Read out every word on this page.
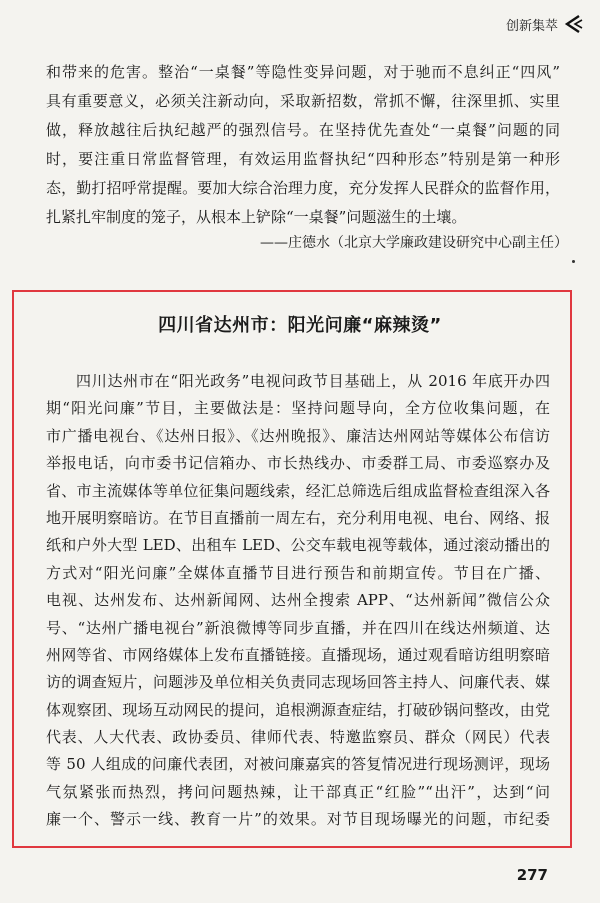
创新集萃
和带来的危害。整治“一桌餐”等隐性变异问题，对于驰而不息纠正“四风”
具有重要意义，必须关注新动向，采取新招数，常抓不懈，往深里抓、实里
做，释放越往后执纪越严的强烈信号。在坚持优先查处“一桌餐”问题的同
时，要注重日常监督管理，有效运用监督执纪“四种形态”特别是第一种形
态，勤打招呼常提醒。要加大综合治理力度，充分发挥人民群众的监督作用，
扎紧扎牢制度的笼子，从根本上铲除“一桌餐”问题滋生的土壤。
——庄德水（北京大学廉政建设研究中心副主任）
四川省达州市：阳光问廉“麻辣烫”
四川达州市在“阳光政务”电视问政节目基础上，从 2016 年底开办四
期“阳光问廉”节目，主要做法是：坚持问题导向，全方位收集问题，在
市广播电视台、《达州日报》、《达州晚报》、廉洁达州网站等媒体公布信访
举报电话，向市委书记信箱办、市长热线办、市委群工局、市委巡察办及
省、市主流媒体等单位征集问题线索，经汇总筛选后组成监督检查组深入各
地开展明察暗访。在节目直播前一周左右，充分利用电视、电台、网络、报
纸和户外大型 LED、出租车 LED、公交车载电视等载体，通过滚动播出的
方式对“阳光问廉”全媒体直播节目进行预告和前期宣传。节目在广播、
电视、达州发布、达州新闻网、达州全搜索 APP、“达州新闻”微信公众
号、“达州广播电视台”新浪微博等同步直播，并在四川在线达州频道、达
州网等省、市网络媒体上发布直播链接。直播现场，通过观看暗访组明察暗
访的调查短片，问题涉及单位相关负责同志现场回答主持人、问廉代表、媒
体观察团、现场互动网民的提问，追根溯源查症结，打破砂锅问整改，由党
代表、人大代表、政协委员、律师代表、特邀监察员、群众（网民）代表
等 50 人组成的问廉代表团，对被问廉嘉宾的答复情况进行现场测评，现场
气氛紧张而热烈，拷问问题热辣，让干部真正“红脸”“出汗”，达到“问
廉一个、警示一线、教育一片”的效果。对节目现场曝光的问题，市纪委
277
